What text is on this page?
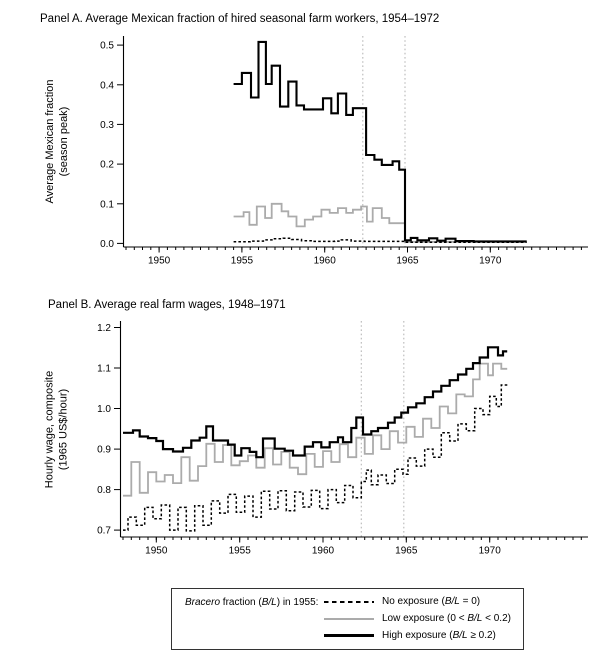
0.0
0.1
0.2
0.3
0.4
0.5
1950	1955	1960	1965	1970
0.7
0.8
0.9
1.0
1.1
1.2
1950	1955	1960	1965	1970
Panel A. Average Mexican fraction of hired seasonal farm workers, 1954–1972
Panel B. Average real farm wages, 1948–1971
Average Mexican fraction (season peak)
Hourly wage, composite (1965 US$/hour)
Bracero fraction (B/L) in 1955:	No exposure (B/L = 0)
Low exposure (0 < B/L < 0.2)
High exposure (B/L ≥ 0.2)
